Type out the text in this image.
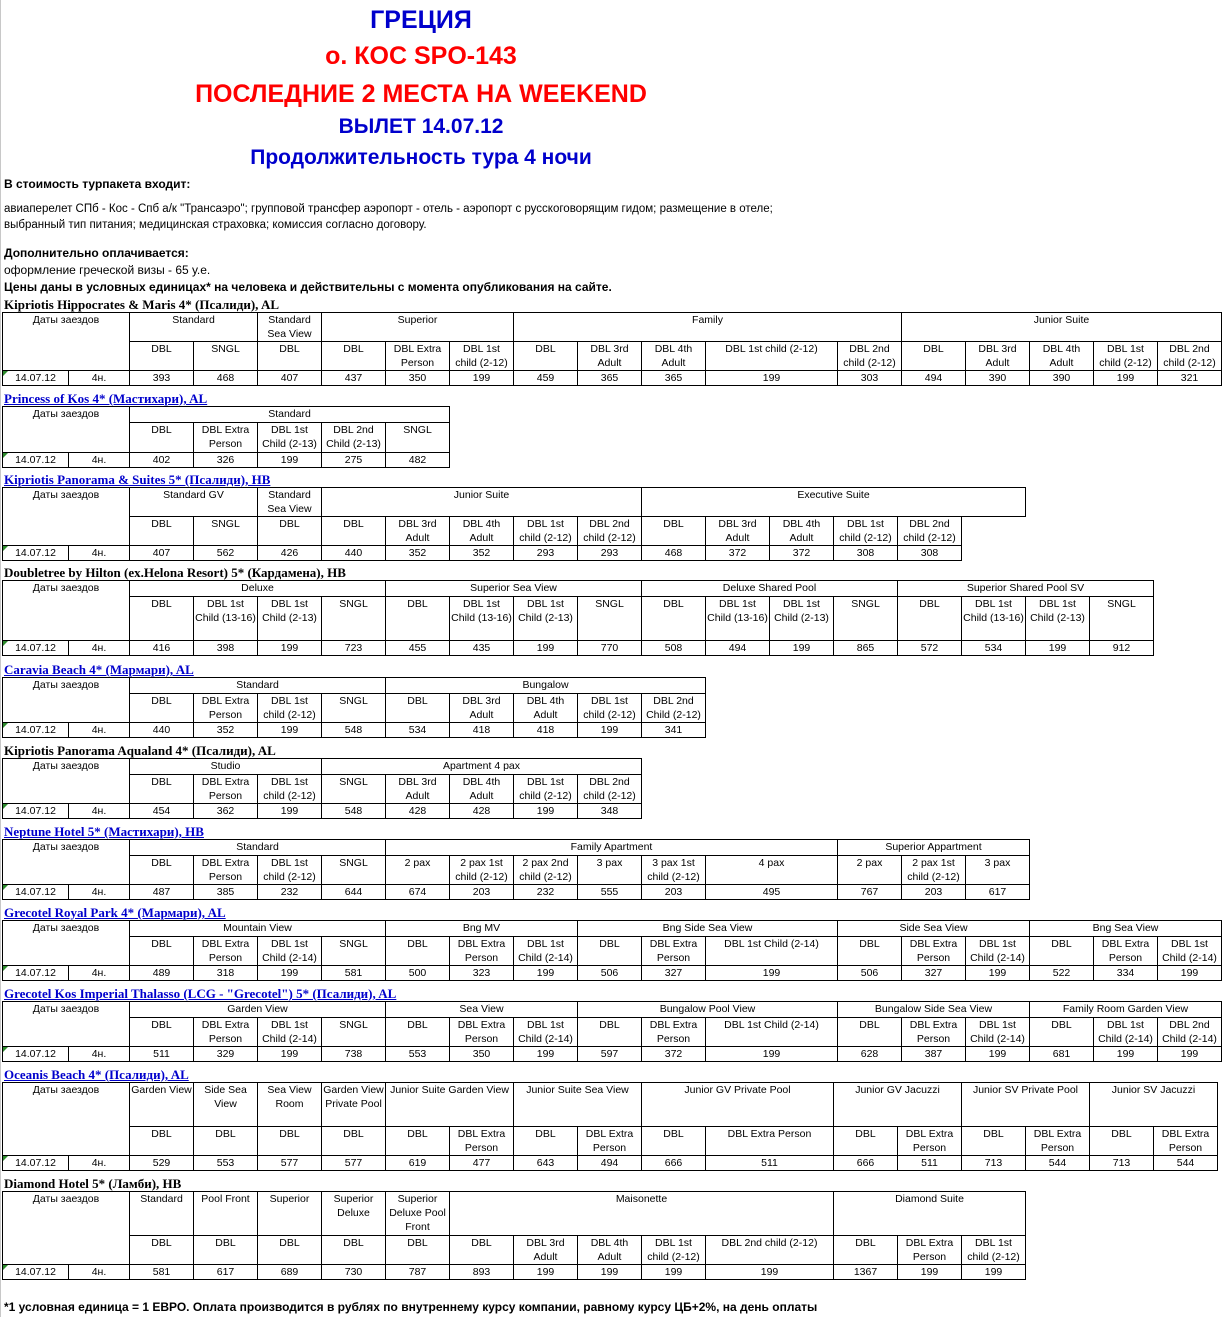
ГРЕЦИЯ
о. КОС SPO-143
ПОСЛЕДНИЕ 2 МЕСТА НА WEEKEND
ВЫЛЕТ 14.07.12
Продолжительность тура 4 ночи
В стоимость турпакета входит:
авиаперелет СПб - Кос - Спб а/к "Трансаэро"; групповой трансфер аэропорт - отель - аэропорт с русскоговорящим гидом; размещение в отеле;
выбранный тип питания; медицинская страховка; комиссия согласно договору.
Дополнительно оплачивается:
оформление греческой визы - 65 у.е.
Цены даны в условных единицах* на человека и действительны с момента опубликования на сайте.
Kipriotis Hippocrates & Maris 4* (Псалиди), AL
Даты заездов		Standard		Standard Sea View	Superior			Family					Junior Suite				
		DBL	SNGL	DBL	DBL	DBL Extra Person	DBL 1st child (2-12)	DBL	DBL 3rd Adult	DBL 4th Adult	DBL 1st child (2-12)	DBL 2nd child (2-12)	DBL	DBL 3rd Adult	DBL 4th Adult	DBL 1st child (2-12)	DBL 2nd child (2-12)
14.07.12	4н.	393	468	407	437	350	199	459	365	365	199	303	494	390	390	199	321
Princess of Kos 4* (Мастихари), AL
Даты заездов		Standard				
		DBL	DBL Extra Person	DBL 1st Child (2-13)	DBL 2nd Child (2-13)	SNGL
14.07.12	4н.	402	326	199	275	482
Kipriotis Panorama & Suites 5* (Псалиди), HB
Даты заездов		Standard GV		Standard Sea View	Junior Suite					Executive Suite				
		DBL	SNGL	DBL	DBL	DBL 3rd Adult	DBL 4th Adult	DBL 1st child (2-12)	DBL 2nd child (2-12)	DBL	DBL 3rd Adult	DBL 4th Adult	DBL 1st child (2-12)	DBL 2nd child (2-12)
14.07.12	4н.	407	562	426	440	352	352	293	293	468	372	372	308	308
Doubletree by Hilton (ex.Helona Resort) 5* (Кардамена), HB
Даты заездов		Deluxe				Superior Sea View				Deluxe Shared Pool				Superior Shared Pool SV			
		DBL	DBL 1st Child (13-16)	DBL 1st Child (2-13)	SNGL	DBL	DBL 1st Child (13-16)	DBL 1st Child (2-13)	SNGL	DBL	DBL 1st Child (13-16)	DBL 1st Child (2-13)	SNGL	DBL	DBL 1st Child (13-16)	DBL 1st Child (2-13)	SNGL
14.07.12	4н.	416	398	199	723	455	435	199	770	508	494	199	865	572	534	199	912
Caravia Beach 4* (Мармари), AL
Даты заездов		Standard				Bungalow				
		DBL	DBL Extra Person	DBL 1st child (2-12)	SNGL	DBL	DBL 3rd Adult	DBL 4th Adult	DBL 1st child (2-12)	DBL 2nd Child (2-12)
14.07.12	4н.	440	352	199	548	534	418	418	199	341
Kipriotis Panorama Aqualand 4* (Псалиди), AL
Даты заездов		Studio			Apartment 4 pax				
		DBL	DBL Extra Person	DBL 1st child (2-12)	SNGL	DBL 3rd Adult	DBL 4th Adult	DBL 1st child (2-12)	DBL 2nd child (2-12)
14.07.12	4н.	454	362	199	548	428	428	199	348
Neptune Hotel 5* (Мастихари), HB
Даты заездов		Standard				Family Apartment						Superior Appartment		
		DBL	DBL Extra Person	DBL 1st child (2-12)	SNGL	2 pax	2 pax 1st child (2-12)	2 pax 2nd child (2-12)	3 pax	3 pax 1st child (2-12)	4 pax	2 pax	2 pax 1st child (2-12)	3 pax
14.07.12	4н.	487	385	232	644	674	203	232	555	203	495	767	203	617
Grecotel Royal Park 4* (Мармари), AL
Даты заездов		Mountain View				Bng MV			Bng Side Sea View			Side Sea View			Bng Sea View		
		DBL	DBL Extra Person	DBL 1st Child (2-14)	SNGL	DBL	DBL Extra Person	DBL 1st Child (2-14)	DBL	DBL Extra Person	DBL 1st Child (2-14)	DBL	DBL Extra Person	DBL 1st Child (2-14)	DBL	DBL Extra Person	DBL 1st Child (2-14)
14.07.12	4н.	489	318	199	581	500	323	199	506	327	199	506	327	199	522	334	199
Grecotel Kos Imperial Thalasso (LCG - "Grecotel") 5* (Псалиди), AL
Даты заездов		Garden View				Sea View			Bungalow Pool View			Bungalow Side Sea View			Family Room Garden View		
		DBL	DBL Extra Person	DBL 1st Child (2-14)	SNGL	DBL	DBL Extra Person	DBL 1st Child (2-14)	DBL	DBL Extra Person	DBL 1st Child (2-14)	DBL	DBL Extra Person	DBL 1st Child (2-14)	DBL	DBL 1st Child (2-14)	DBL 2nd Child (2-14)
14.07.12	4н.	511	329	199	738	553	350	199	597	372	199	628	387	199	681	199	199
Oceanis Beach 4* (Псалиди), AL
Даты заездов		Garden View	Side Sea View	Sea View Room	Garden View Private Pool	Junior Suite Garden View		Junior Suite Sea View		Junior GV Private Pool		Junior GV Jacuzzi		Junior SV Private Pool		Junior SV Jacuzzi	
		DBL	DBL	DBL	DBL	DBL	DBL Extra Person	DBL	DBL Extra Person	DBL	DBL Extra Person	DBL	DBL Extra Person	DBL	DBL Extra Person	DBL	DBL Extra Person
14.07.12	4н.	529	553	577	577	619	477	643	494	666	511	666	511	713	544	713	544
Diamond Hotel 5* (Ламби), HB
Даты заездов		Standard	Pool Front	Superior	Superior Deluxe	Superior Deluxe Pool Front	Maisonette					Diamond Suite		
		DBL	DBL	DBL	DBL	DBL	DBL	DBL 3rd Adult	DBL 4th Adult	DBL 1st child (2-12)	DBL 2nd child (2-12)	DBL	DBL Extra Person	DBL 1st child (2-12)
14.07.12	4н.	581	617	689	730	787	893	199	199	199	199	1367	199	199
*1 условная единица = 1 ЕВРО. Оплата производится в рублях по внутреннему курсу компании, равному курсу ЦБ+2%, на день оплаты
